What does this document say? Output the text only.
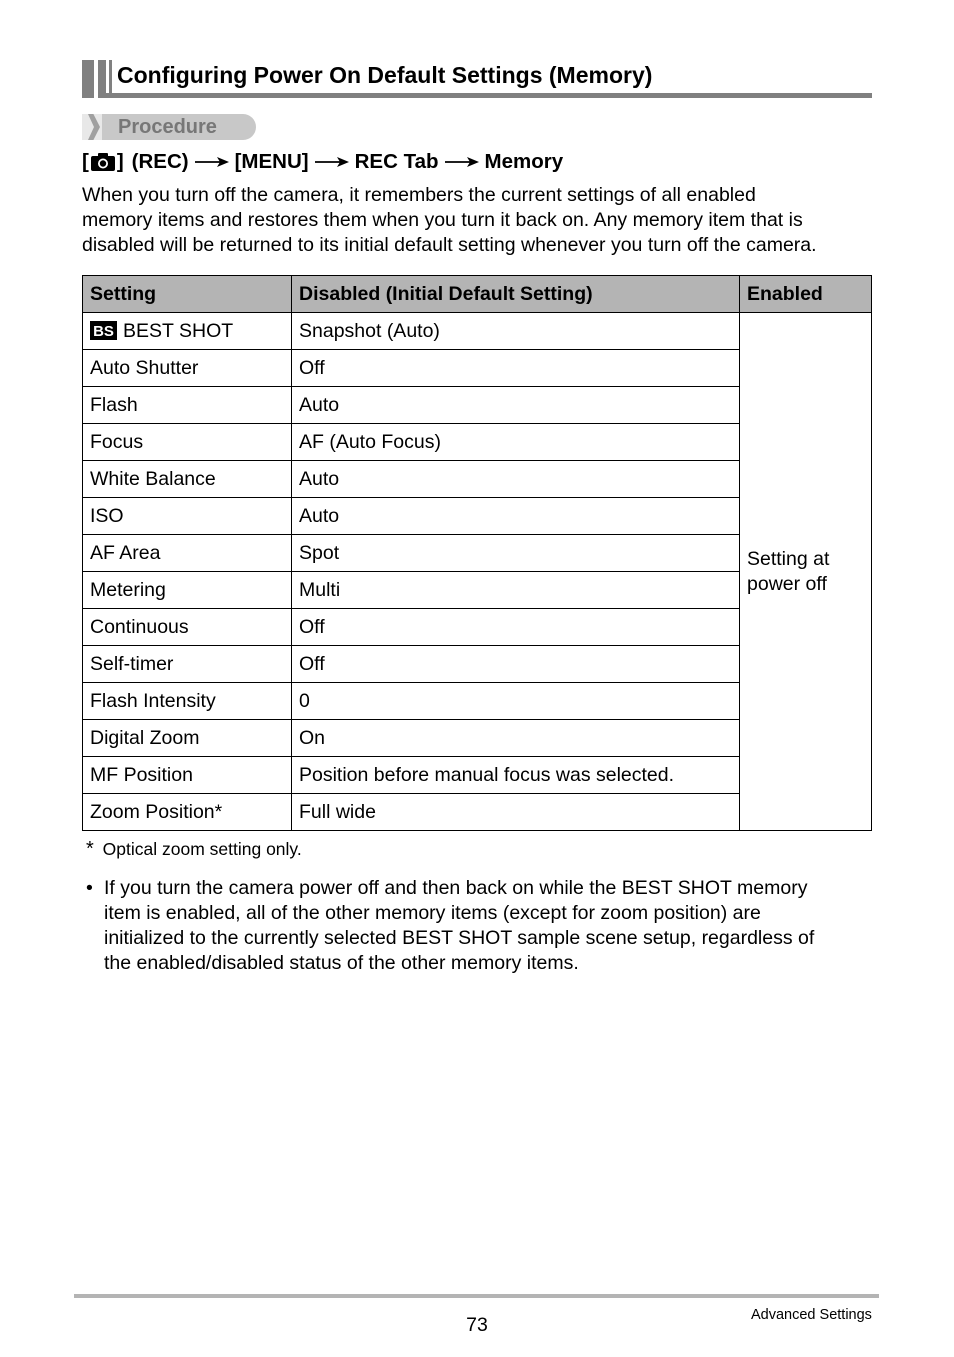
Configuring Power On Default Settings (Memory)
Procedure
[ ] (REC) [MENU] REC Tab Memory

When you turn off the camera, it remembers the current settings of all enabled

memory items and restores them when you turn it back on. Any memory item that is

disabled will be returned to its initial default setting whenever you turn off the camera.

Setting	Disabled (Initial Default Setting)	Enabled

BS BEST SHOT	Snapshot (Auto)	Setting at
power off
Auto Shutter	Off	
Flash	Auto	
Focus	AF (Auto Focus)	
White Balance	Auto	
ISO	Auto	
AF Area	Spot	
Metering	Multi	
Continuous	Off	
Self-timer	Off	
Flash Intensity	0	
Digital Zoom	On	
MF Position	Position before manual focus was selected.	
Zoom Position*	Full wide	
* Optical zoom setting only.
• If you turn the camera power off and then back on while the BEST SHOT memory

item is enabled, all of the other memory items (except for zoom position) are

initialized to the currently selected BEST SHOT sample scene setup, regardless of

the enabled/disabled status of the other memory items.

73	Advanced Settings
